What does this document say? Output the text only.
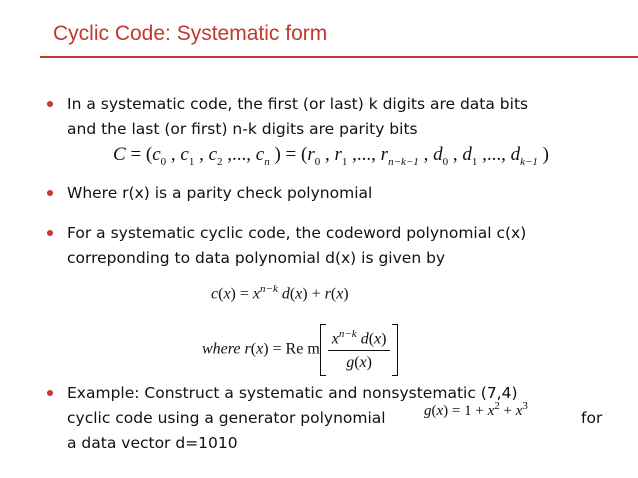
Cyclic Code: Systematic form
In a systematic code, the first (or last) k digits are data bits
and the last (or first) n-k digits are parity bits
$C = (c_0$ , $c_1$ , $c_2$ ,..., $c_n$ ) = ($r_0$ , $r_1$ ,..., $r_{n-k-1}$ , $d_0$ , $d_1$ ,..., $d_{k-1}$ )
Where r(x) is a parity check polynomial
For a systematic cyclic code, the codeword polynomial c(x)
correponding to data polynomial d(x) is given by
$c(x) = x^{n-k}$ d(x) + r(x)
where r(x) = Re m $\frac{x^{n-k} d(x)}{g(x)}$
Example: Construct a systematic and nonsystematic (7,4)
cyclic code using a generator polynomial
a data vector d=1010
$g(x) = 1 + x^2 + x^3$
for
